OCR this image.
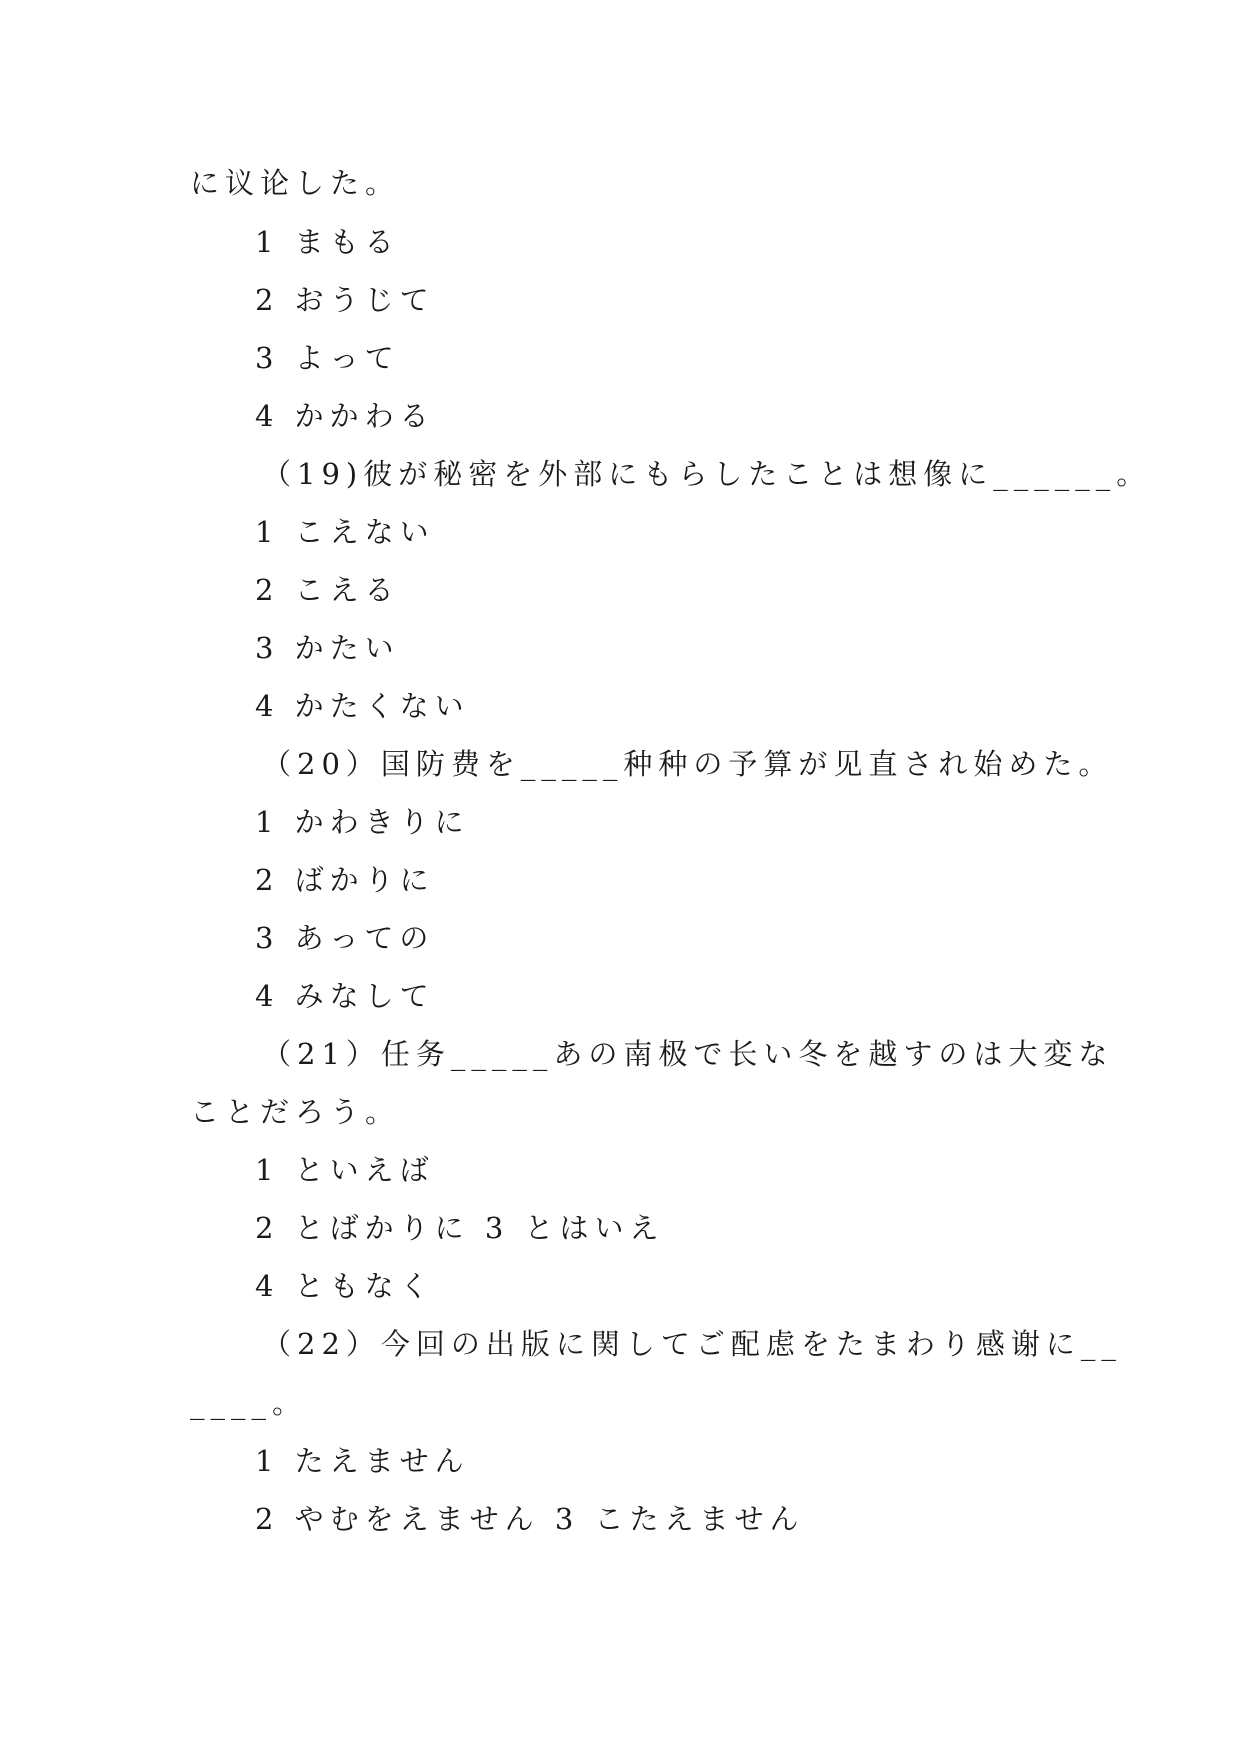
に议论した。
1 まもる
2 おうじて
3 よって
4 かかわる
（19)彼が秘密を外部にもらしたことは想像に______。
1 こえない
2 こえる
3 かたい
4 かたくない
（20）国防费を_____种种の予算が见直され始めた。
1 かわきりに
2 ばかりに
3 あっての
4 みなして
（21）任务_____あの南极で长い冬を越すのは大変な
ことだろう。
1 といえば
2 とばかりに 3 とはいえ
4 ともなく
（22）今回の出版に関してご配虑をたまわり感谢に__
____。
1 たえません
2 やむをえません 3 こたえません
